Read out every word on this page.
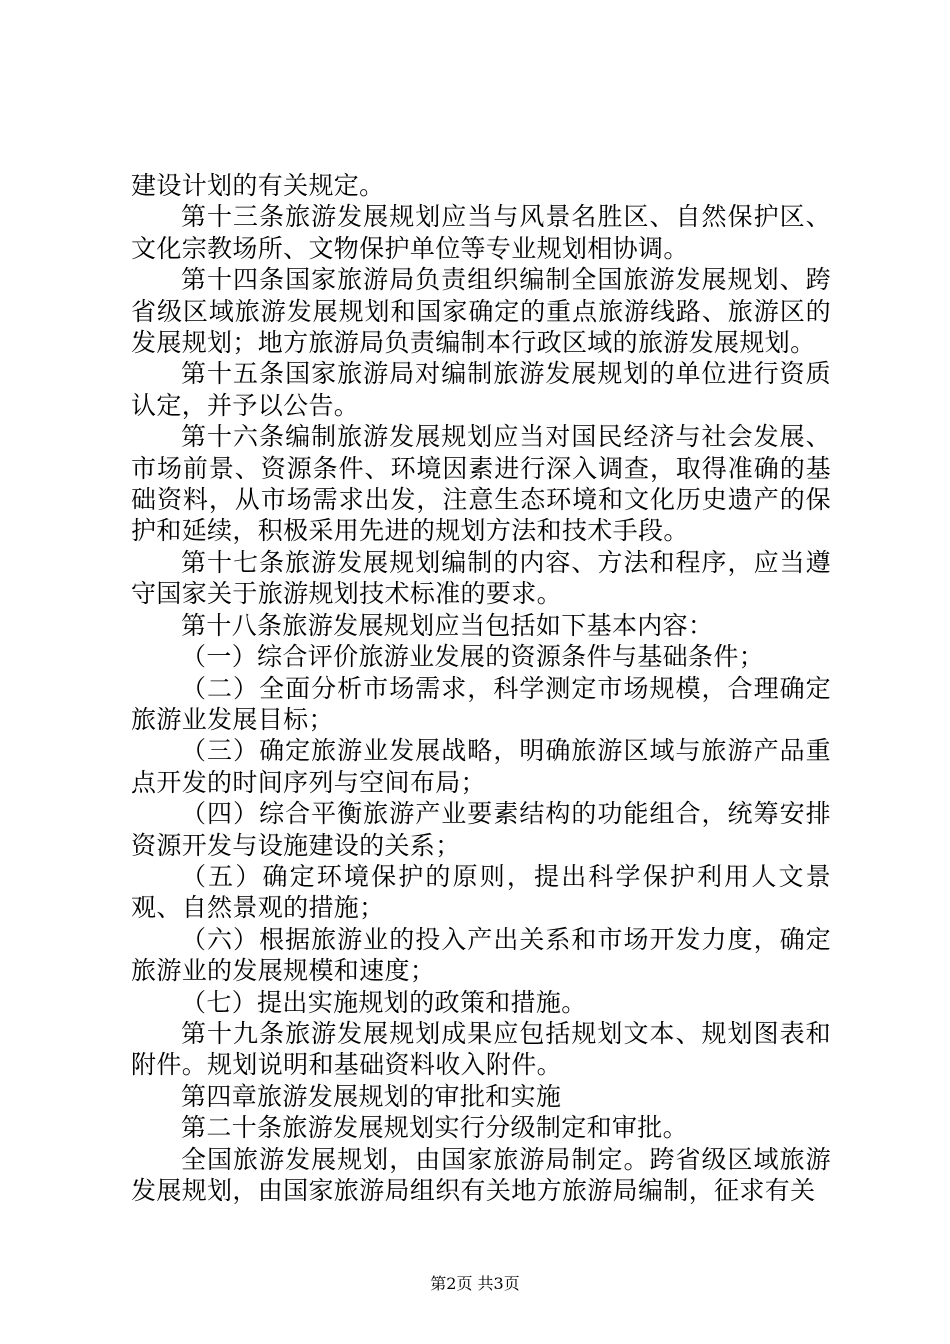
建设计划的有关规定。

第十三条旅游发展规划应当与风景名胜区、自然保护区、文化宗教场所、文物保护单位等专业规划相协调。

第十四条国家旅游局负责组织编制全国旅游发展规划、跨省级区域旅游发展规划和国家确定的重点旅游线路、旅游区的发展规划；地方旅游局负责编制本行政区域的旅游发展规划。

第十五条国家旅游局对编制旅游发展规划的单位进行资质认定，并予以公告。

第十六条编制旅游发展规划应当对国民经济与社会发展、市场前景、资源条件、环境因素进行深入调查，取得准确的基础资料，从市场需求出发，注意生态环境和文化历史遗产的保护和延续，积极采用先进的规划方法和技术手段。

第十七条旅游发展规划编制的内容、方法和程序，应当遵守国家关于旅游规划技术标准的要求。

第十八条旅游发展规划应当包括如下基本内容：

（一）综合评价旅游业发展的资源条件与基础条件；

（二）全面分析市场需求，科学测定市场规模，合理确定旅游业发展目标；

（三）确定旅游业发展战略，明确旅游区域与旅游产品重点开发的时间序列与空间布局；

（四）综合平衡旅游产业要素结构的功能组合，统筹安排资源开发与设施建设的关系；

（五）确定环境保护的原则，提出科学保护利用人文景观、自然景观的措施；

（六）根据旅游业的投入产出关系和市场开发力度，确定旅游业的发展规模和速度；

（七）提出实施规划的政策和措施。

第十九条旅游发展规划成果应包括规划文本、规划图表和附件。规划说明和基础资料收入附件。

第四章旅游发展规划的审批和实施

第二十条旅游发展规划实行分级制定和审批。

全国旅游发展规划，由国家旅游局制定。跨省级区域旅游发展规划，由国家旅游局组织有关地方旅游局编制，征求有关

第2页 共3页
